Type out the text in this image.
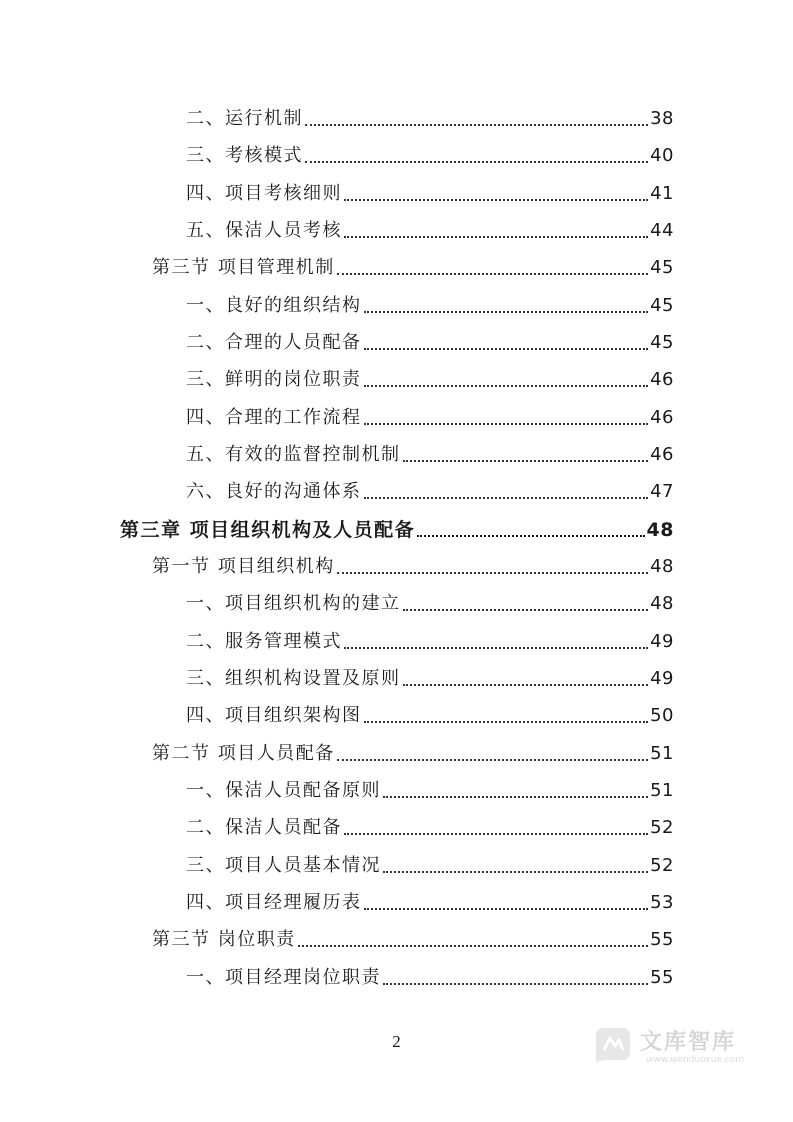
二、运行机制	38
三、考核模式	40
四、项目考核细则	41
五、保洁人员考核	44
第三节 项目管理机制	45
一、良好的组织结构	45
二、合理的人员配备	45
三、鲜明的岗位职责	46
四、合理的工作流程	46
五、有效的监督控制机制	46
六、良好的沟通体系	47
第三章 项目组织机构及人员配备	48
第一节 项目组织机构	48
一、项目组织机构的建立	48
二、服务管理模式	49
三、组织机构设置及原则	49
四、项目组织架构图	50
第二节 项目人员配备	51
一、保洁人员配备原则	51
二、保洁人员配备	52
三、项目人员基本情况	52
四、项目经理履历表	53
第三节 岗位职责	55
一、项目经理岗位职责	55
2	文库智库
www.wenduoxue.com
